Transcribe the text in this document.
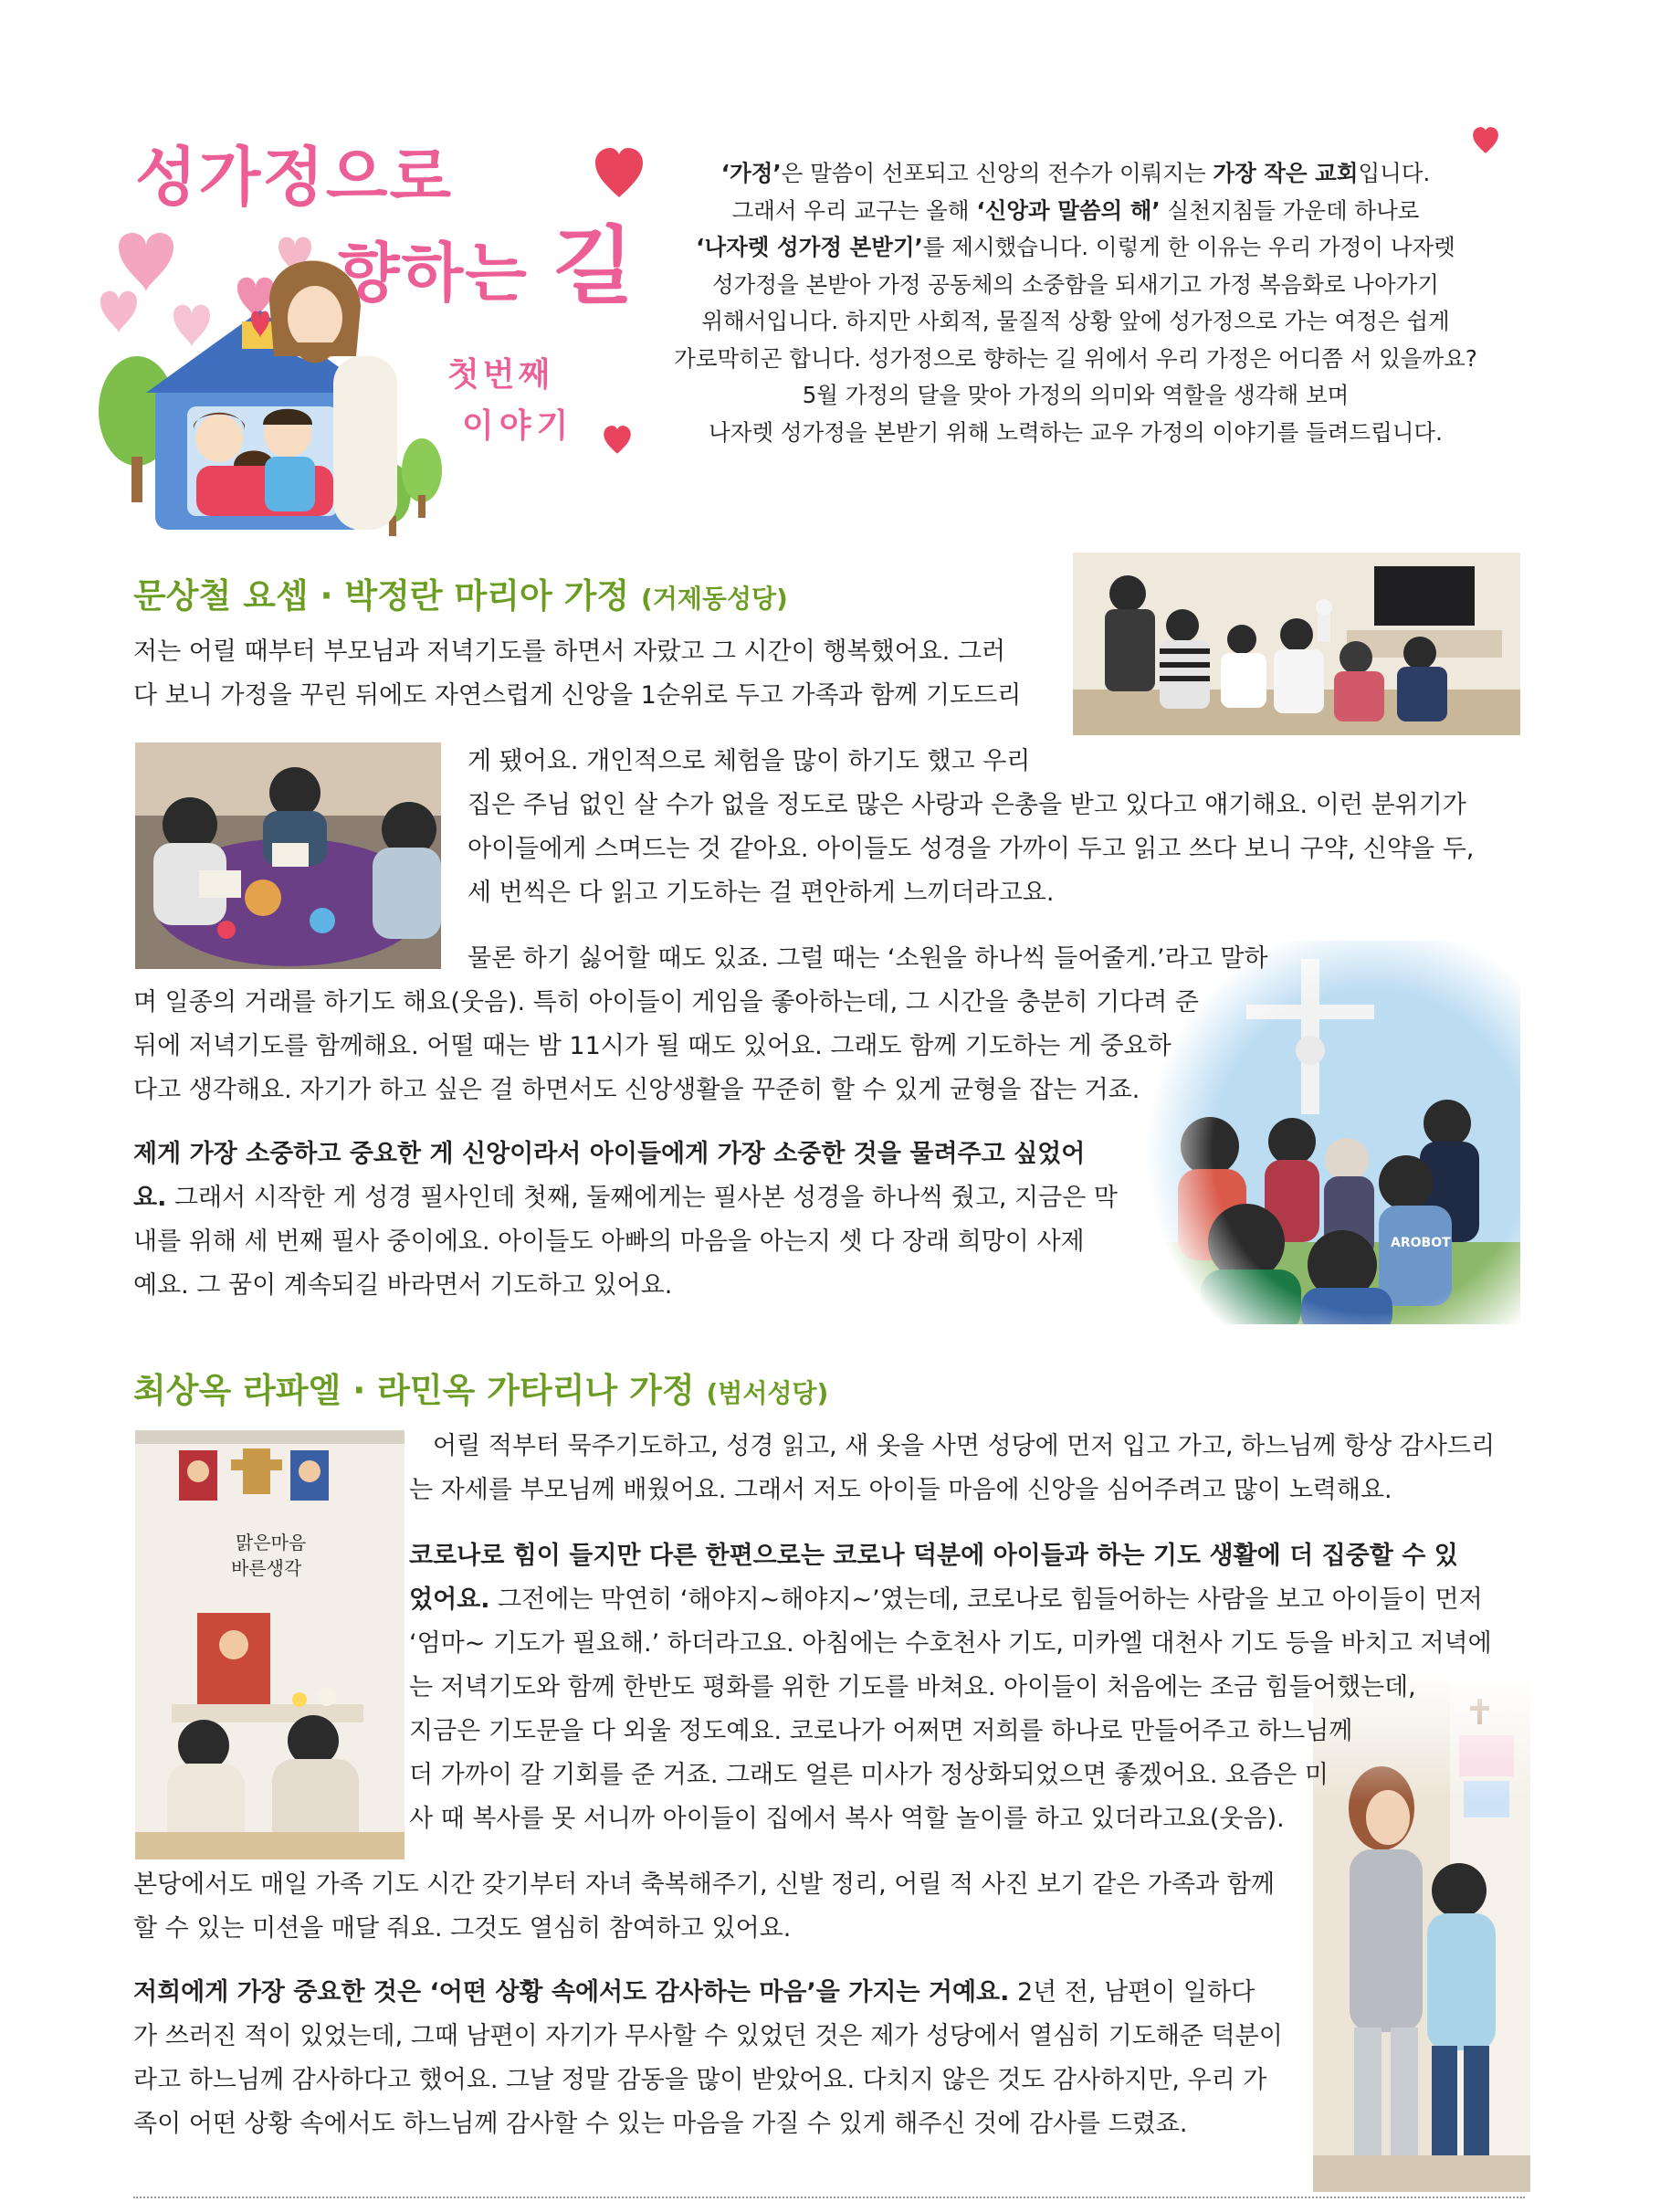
성가정으로
향하는 길
첫번째
이야기
‘가정’은 말씀이 선포되고 신앙의 전수가 이뤄지는 가장 작은 교회입니다.
그래서 우리 교구는 올해 ‘신앙과 말씀의 해’ 실천지침들 가운데 하나로
‘나자렛 성가정 본받기’를 제시했습니다. 이렇게 한 이유는 우리 가정이 나자렛
성가정을 본받아 가정 공동체의 소중함을 되새기고 가정 복음화로 나아가기
위해서입니다. 하지만 사회적, 물질적 상황 앞에 성가정으로 가는 여정은 쉽게
가로막히곤 합니다. 성가정으로 향하는 길 위에서 우리 가정은 어디쯤 서 있을까요?
5월 가정의 달을 맞아 가정의 의미와 역할을 생각해 보며
나자렛 성가정을 본받기 위해 노력하는 교우 가정의 이야기를 들려드립니다.
문상철 요셉 · 박정란 마리아 가정 (거제동성당)
저는 어릴 때부터 부모님과 저녁기도를 하면서 자랐고 그 시간이 행복했어요. 그러
다 보니 가정을 꾸린 뒤에도 자연스럽게 신앙을 1순위로 두고 가족과 함께 기도드리
게 됐어요. 개인적으로 체험을 많이 하기도 했고 우리
집은 주님 없인 살 수가 없을 정도로 많은 사랑과 은총을 받고 있다고 얘기해요. 이런 분위기가
아이들에게 스며드는 것 같아요. 아이들도 성경을 가까이 두고 읽고 쓰다 보니 구약, 신약을 두,
세 번씩은 다 읽고 기도하는 걸 편안하게 느끼더라고요.
물론 하기 싫어할 때도 있죠. 그럴 때는 ‘소원을 하나씩 들어줄게.’라고 말하
며 일종의 거래를 하기도 해요(웃음). 특히 아이들이 게임을 좋아하는데, 그 시간을 충분히 기다려 준
뒤에 저녁기도를 함께해요. 어떨 때는 밤 11시가 될 때도 있어요. 그래도 함께 기도하는 게 중요하
다고 생각해요. 자기가 하고 싶은 걸 하면서도 신앙생활을 꾸준히 할 수 있게 균형을 잡는 거죠.
제게 가장 소중하고 중요한 게 신앙이라서 아이들에게 가장 소중한 것을 물려주고 싶었어
요. 그래서 시작한 게 성경 필사인데 첫째, 둘째에게는 필사본 성경을 하나씩 줬고, 지금은 막
내를 위해 세 번째 필사 중이에요. 아이들도 아빠의 마음을 아는지 셋 다 장래 희망이 사제
예요. 그 꿈이 계속되길 바라면서 기도하고 있어요.
최상옥 라파엘 · 라민옥 가타리나 가정 (범서성당)
맑은마음
바른생각
어릴 적부터 묵주기도하고, 성경 읽고, 새 옷을 사면 성당에 먼저 입고 가고, 하느님께 항상 감사드리
는 자세를 부모님께 배웠어요. 그래서 저도 아이들 마음에 신앙을 심어주려고 많이 노력해요.
코로나로 힘이 들지만 다른 한편으로는 코로나 덕분에 아이들과 하는 기도 생활에 더 집중할 수 있
었어요. 그전에는 막연히 ‘해야지~해야지~’였는데, 코로나로 힘들어하는 사람을 보고 아이들이 먼저
‘엄마~ 기도가 필요해.’ 하더라고요. 아침에는 수호천사 기도, 미카엘 대천사 기도 등을 바치고 저녁에
는 저녁기도와 함께 한반도 평화를 위한 기도를 바쳐요. 아이들이 처음에는 조금 힘들어했는데,
지금은 기도문을 다 외울 정도예요. 코로나가 어쩌면 저희를 하나로 만들어주고 하느님께
더 가까이 갈 기회를 준 거죠. 그래도 얼른 미사가 정상화되었으면 좋겠어요. 요즘은 미
사 때 복사를 못 서니까 아이들이 집에서 복사 역할 놀이를 하고 있더라고요(웃음).
본당에서도 매일 가족 기도 시간 갖기부터 자녀 축복해주기, 신발 정리, 어릴 적 사진 보기 같은 가족과 함께
할 수 있는 미션을 매달 줘요. 그것도 열심히 참여하고 있어요.
저희에게 가장 중요한 것은 ‘어떤 상황 속에서도 감사하는 마음’을 가지는 거예요. 2년 전, 남편이 일하다
가 쓰러진 적이 있었는데, 그때 남편이 자기가 무사할 수 있었던 것은 제가 성당에서 열심히 기도해준 덕분이
라고 하느님께 감사하다고 했어요. 그날 정말 감동을 많이 받았어요. 다치지 않은 것도 감사하지만, 우리 가
족이 어떤 상황 속에서도 하느님께 감사할 수 있는 마음을 가질 수 있게 해주신 것에 감사를 드렸죠.
